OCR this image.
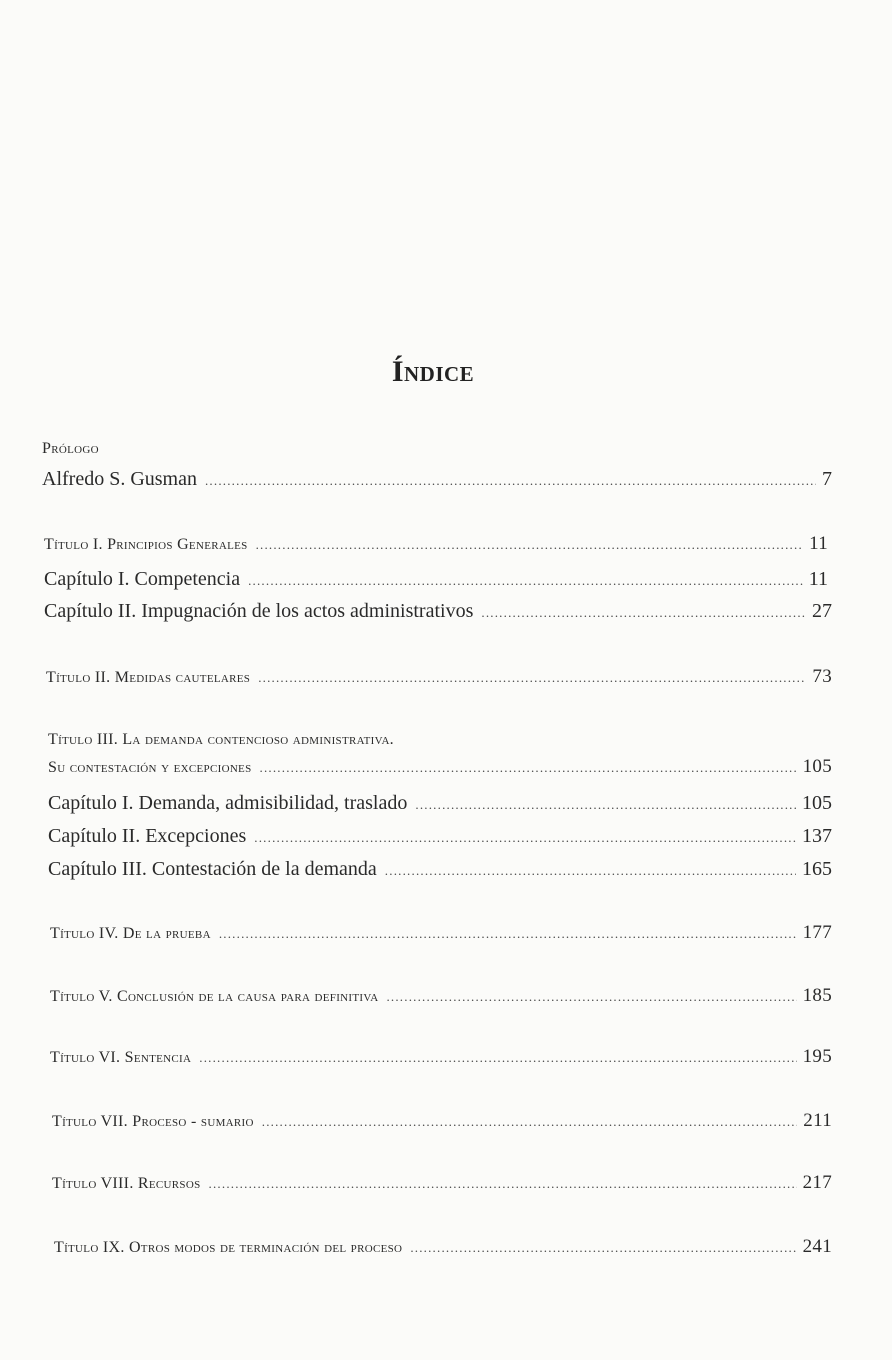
Índice
Prólogo
Alfredo S. Gusman .....	7
Título I. Principios Generales .....	11
Capítulo I. Competencia .....	11
Capítulo II. Impugnación de los actos administrativos .....	27
Título II. Medidas cautelares .....	73
Título III. La demanda contencioso administrativa.
Su contestación y excepciones .....	105
Capítulo I. Demanda, admisibilidad, traslado .....	105
Capítulo II. Excepciones .....	137
Capítulo III. Contestación de la demanda .....	165
Título IV. De la prueba .....	177
Título V. Conclusión de la causa para definitiva .....	185
Título VI. Sentencia .....	195
Título VII. Proceso - sumario .....	211
Título VIII. Recursos .....	217
Título IX. Otros modos de terminación del proceso .....	241
